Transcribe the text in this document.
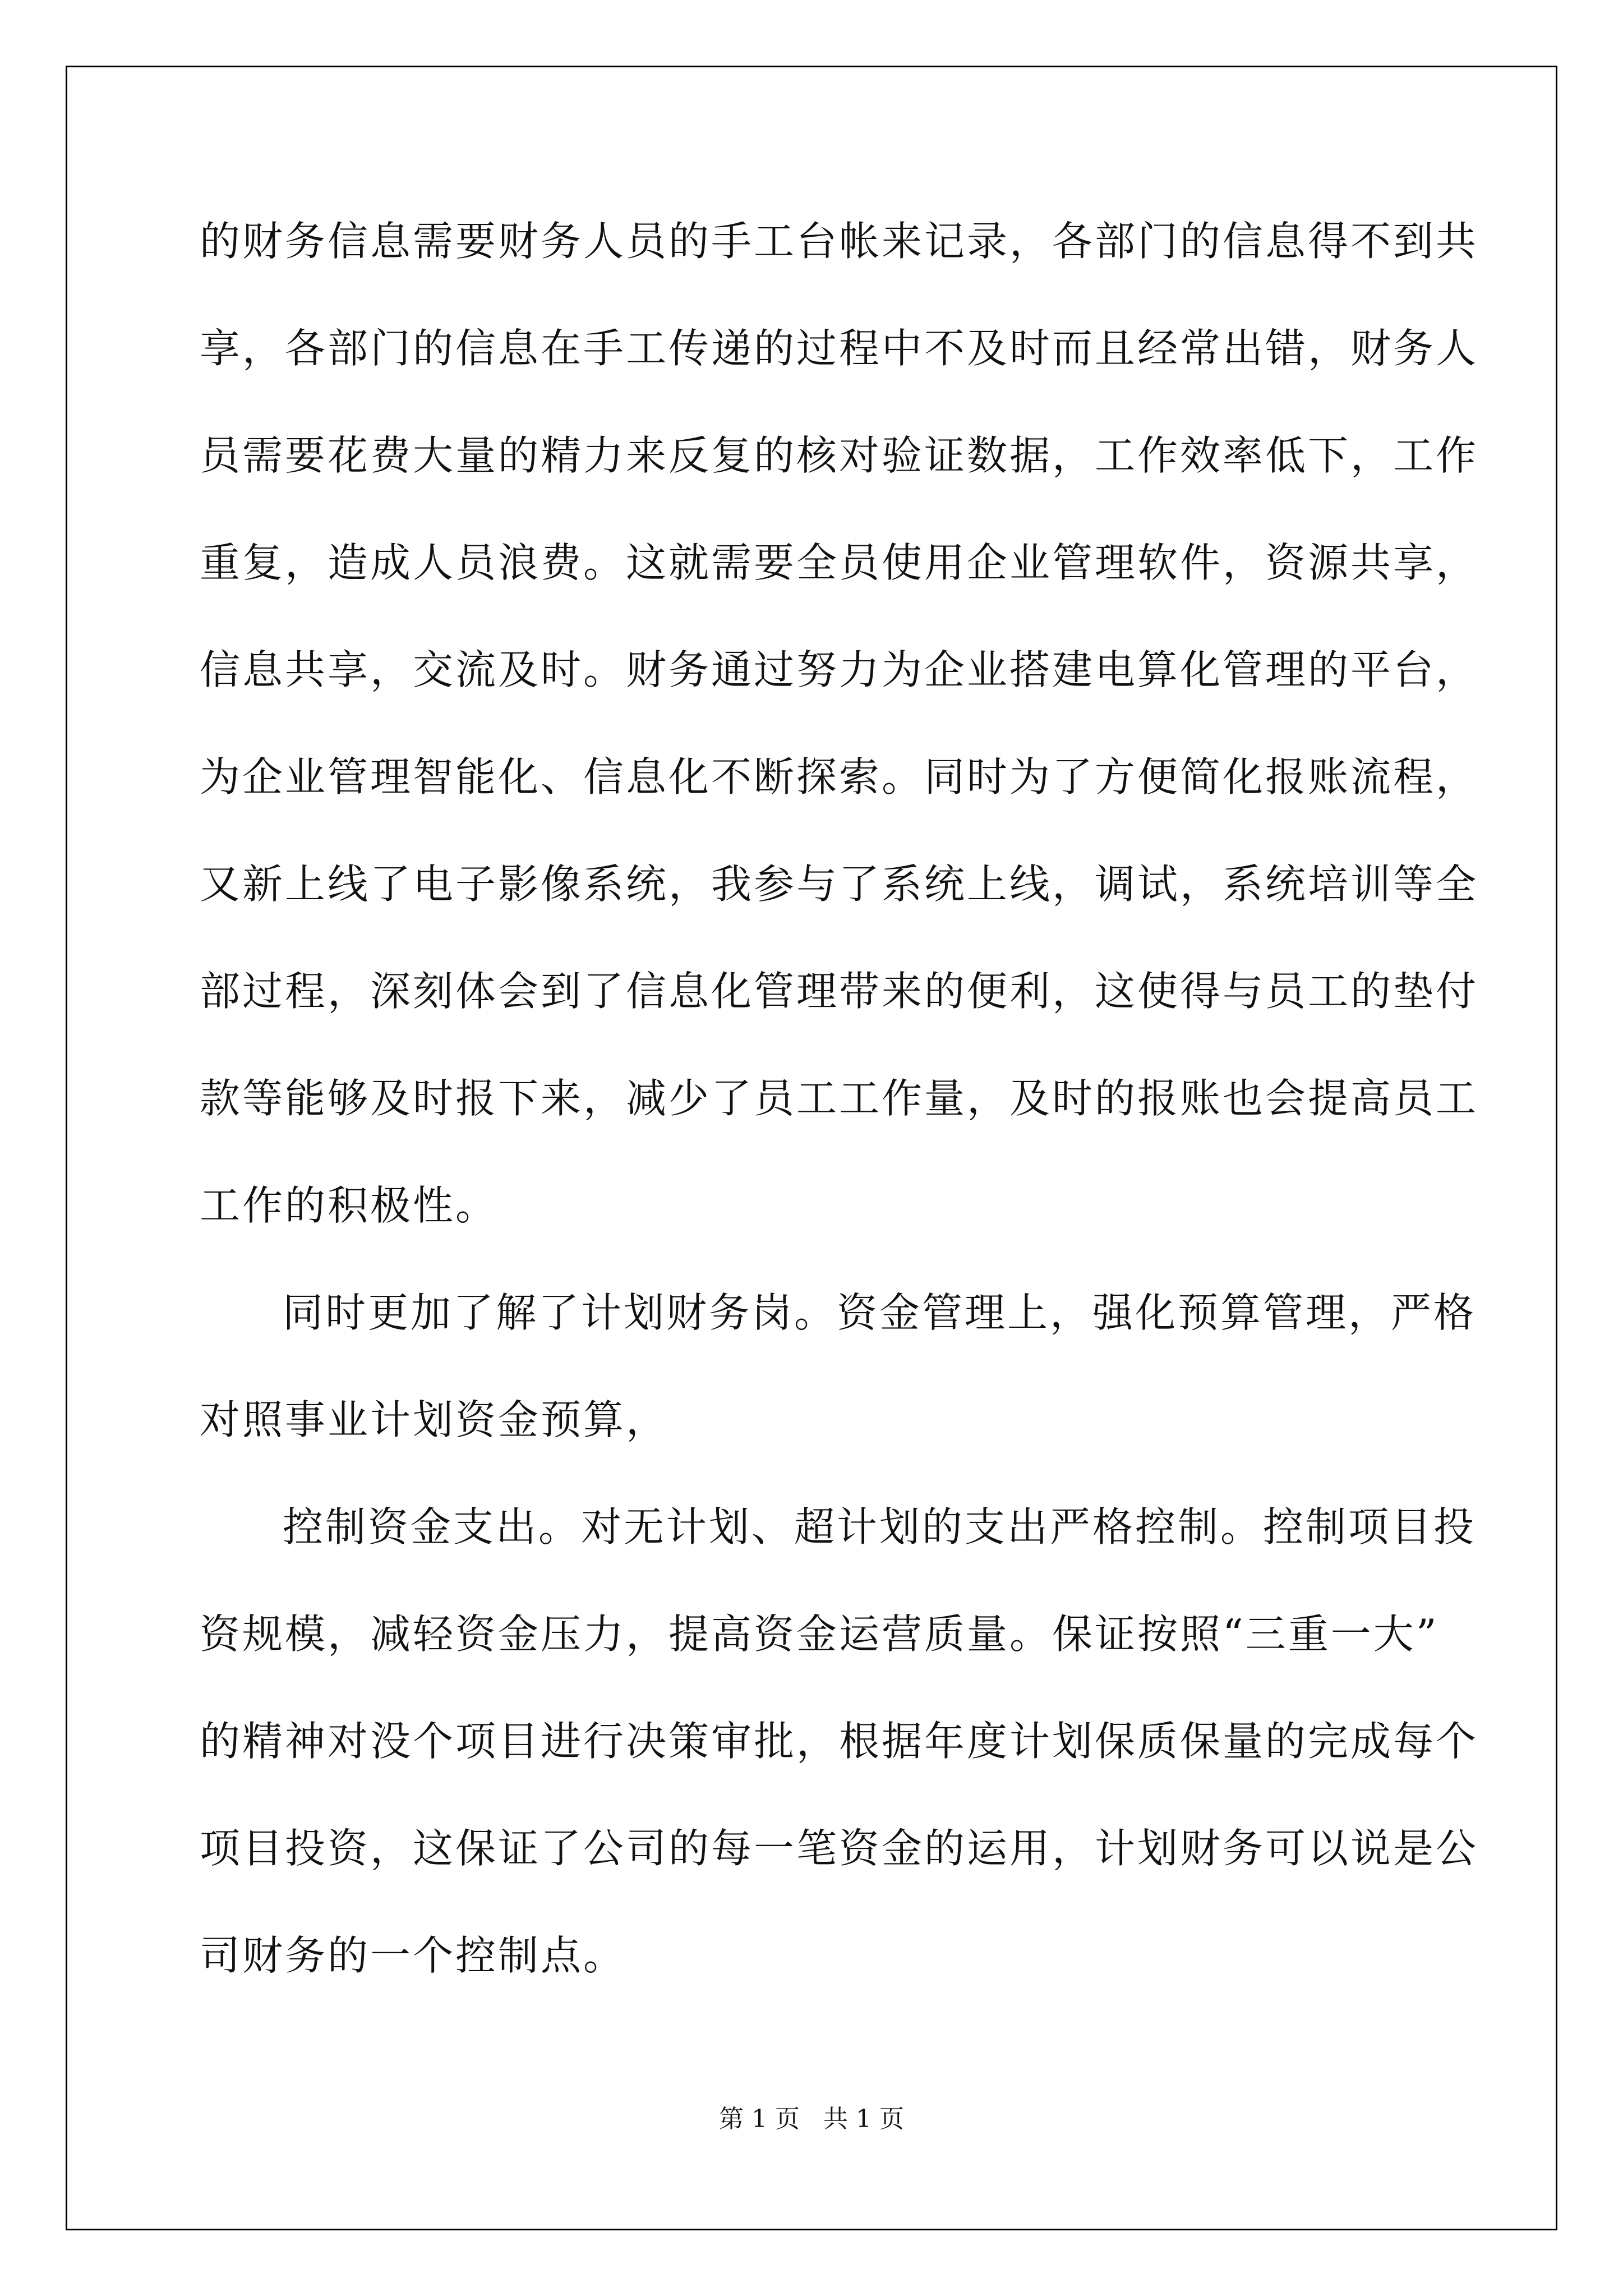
的财务信息需要财务人员的手工台帐来记录，各部门的信息得不到共
享，各部门的信息在手工传递的过程中不及时而且经常出错，财务人
员需要花费大量的精力来反复的核对验证数据，工作效率低下，工作
重复，造成人员浪费。这就需要全员使用企业管理软件，资源共享，
信息共享，交流及时。财务通过努力为企业搭建电算化管理的平台，
为企业管理智能化、信息化不断探索。同时为了方便简化报账流程，
又新上线了电子影像系统，我参与了系统上线，调试，系统培训等全
部过程，深刻体会到了信息化管理带来的便利，这使得与员工的垫付
款等能够及时报下来，减少了员工工作量，及时的报账也会提高员工
工作的积极性。
同时更加了解了计划财务岗。资金管理上，强化预算管理，严格
对照事业计划资金预算，
控制资金支出。对无计划、超计划的支出严格控制。控制项目投
资规模，减轻资金压力，提高资金运营质量。保证按照“三重一大”
的精神对没个项目进行决策审批，根据年度计划保质保量的完成每个
项目投资，这保证了公司的每一笔资金的运用，计划财务可以说是公
司财务的一个控制点。
第 1 页   共 1 页
